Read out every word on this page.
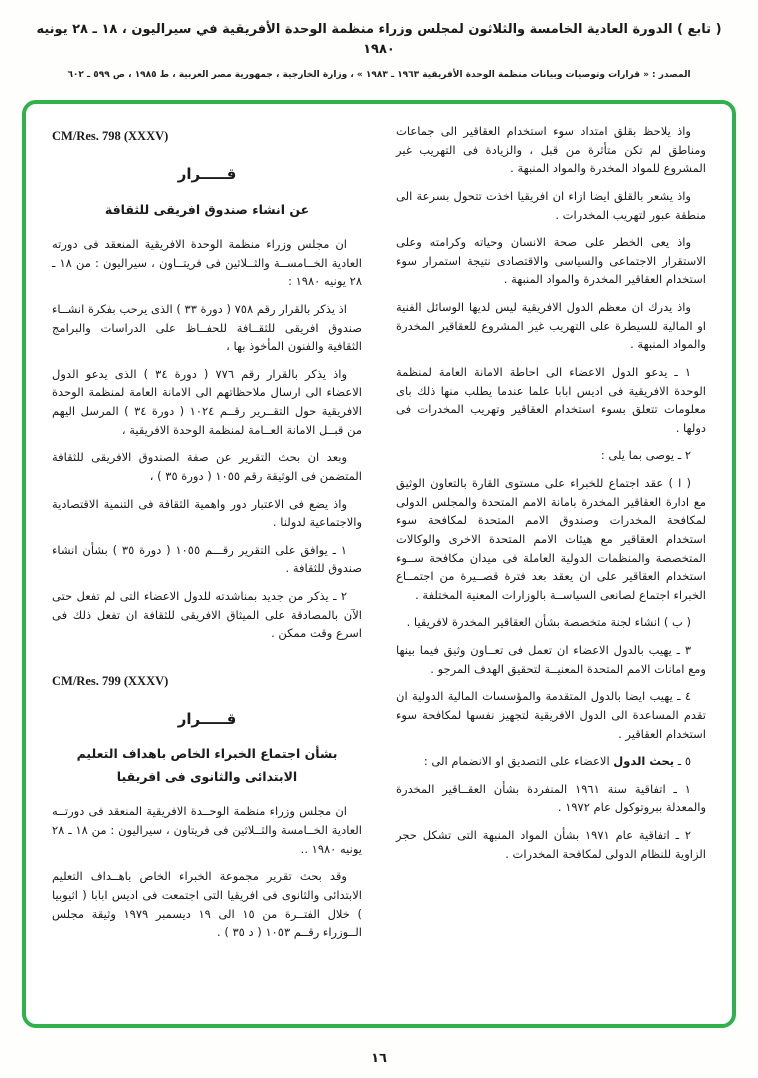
( تابع ) الدورة العادية الخامسة والثلاثون لمجلس وزراء منظمة الوحدة الأفريقية في سيراليون ، ١٨ ـ ٢٨ يونيه ١٩٨٠
المصدر : « قرارات وتوصيات وبيانات منظمة الوحدة الأفريقية ١٩٦٣ ـ ١٩٨٣ » ، وزارة الخارجية ، جمهورية مصر العربية ، ط ١٩٨٥ ، ص ٥٩٩ ـ ٦٠٢

واذ يلاحظ بقلق امتداد سوء استخدام العقاقير الى جماعات ومناطق لم تكن متأثرة من قبل ، والزيادة فى التهريب غير المشروع للمواد المخدرة والمواد المنبهة .

واذ يشعر بالقلق ايضا ازاء ان افريقيا اخذت تتحول بسرعة الى منطقة عبور لتهريب المخدرات .

واذ يعى الخطر على صحة الانسان وحياته وكرامته وعلى الاستقرار الاجتماعى والسياسى والاقتصادى نتيجة استمرار سوء استخدام العقاقير المخدرة والمواد المنبهة .

واذ يدرك ان معظم الدول الافريقية ليس لديها الوسائل الفنية او المالية للسيطرة على التهريب غير المشروع للعقاقير المخدرة والمواد المنبهة .

١ ـ يدعو الدول الاعضاء الى احاطة الامانة العامة لمنظمة الوحدة الافريقية فى اديس ابابا علما عندما يطلب منها ذلك باى معلومات تتعلق بسوء استخدام العقاقير وتهريب المخدرات فى دولها .

٢ ـ يوصى بما يلى :

( ا ) عقد اجتماع للخبراء على مستوى القارة بالتعاون الوثيق مع ادارة العقاقير المخدرة بامانة الامم المتحدة والمجلس الدولى لمكافحة المخدرات وصندوق الامم المتحدة لمكافحة سوء استخدام العقاقير مع هيئات الامم المتحدة الاخرى والوكالات المتخصصة والمنظمات الدولية العاملة فى ميدان مكافحة ســوء استخدام العقاقير على ان يعقد بعد فترة قصــيرة من اجتمــاع الخبراء اجتماع لصانعى السياســة بالوزارات المعنية المختلفة .

( ب ) انشاء لجنة متخصصة بشأن العقاقير المخدرة لافريقيا .

٣ ـ يهيب بالدول الاعضاء ان تعمل فى تعــاون وثيق فيما بينها ومع امانات الامم المتحدة المعنيــة لتحقيق الهدف المرجو .

٤ ـ يهيب ايضا بالدول المتقدمة والمؤسسات المالية الدولية ان تقدم المساعدة الى الدول الافريقية لتجهيز نفسها لمكافحة سوء استخدام العقاقير .

٥ ـ يحث الدول الاعضاء على التصديق او الانضمام الى :

١ ـ اتفاقية سنة ١٩٦١ المنفردة بشأن العقــاقير المخدرة والمعدلة ببروتوكول عام ١٩٧٢ .

٢ ـ اتفاقية عام ١٩٧١ بشأن المواد المنبهة التى تشكل حجر الزاوية للنظام الدولى لمكافحة المخدرات .

CM/Res. 798 (XXXV)
قـــــرار
عن انشاء صندوق افريقى للثقافة

ان مجلس وزراء منظمة الوحدة الافريقية المنعقد فى دورته العادية الخــامســة والثــلاثين فى فريتــاون ، سيراليون : من ١٨ ـ ٢٨ يونيه ١٩٨٠ :

اذ يذكر بالقرار رقم ٧٥٨ ( دورة ٣٣ ) الذى يرحب بفكرة انشــاء صندوق افريقى للثقــافة للحفــاظ على الدراسات والبرامج الثقافية والفنون المأخوذ بها ،

واذ يذكر بالقرار رقم ٧٧٦ ( دورة ٣٤ ) الذى يدعو الدول الاعضاء الى ارسال ملاحظاتهم الى الامانة العامة لمنظمة الوحدة الافريقية حول التقــرير رقــم ١٠٢٤ ( دورة ٣٤ ) المرسل اليهم من قبــل الامانة العــامة لمنظمة الوحدة الافريقية ،

وبعد ان بحث التقرير عن صفة الصندوق الافريقى للثقافة المتضمن فى الوثيقة رقم ١٠٥٥ ( دورة ٣٥ ) ،

واذ يضع فى الاعتبار دور واهمية الثقافة فى التنمية الاقتصادية والاجتماعية لدولنا .

١ ـ يوافق على التقرير رقـــم ١٠٥٥ ( دورة ٣٥ ) بشأن انشاء صندوق للثقافة .

٢ ـ يذكر من جديد بمناشدته للدول الاعضاء التى لم تفعل حتى الآن بالمصادقة على الميثاق الافريقى للثقافة ان تفعل ذلك فى اسرع وقت ممكن .

CM/Res. 799 (XXXV)
قـــــرار
بشأن اجتماع الخبراء الخاص باهداف التعليم
الابتدائى والثانوى فى افريقيا

ان مجلس وزراء منظمة الوحــدة الافريقية المنعقد فى دورتــه العادية الخــامسة والثــلاثين فى فريتاون ، سيراليون : من ١٨ ـ ٢٨ يونيه ١٩٨٠ ..

وقد بحث تقرير مجموعة الخبراء الخاص باهــداف التعليم الابتدائى والثانوى فى افريقيا التى اجتمعت فى اديس ابابا ( اثيوبيا ) خلال الفتــرة من ١٥ الى ١٩ ديسمبر ١٩٧٩ وثيقة مجلس الــوزراء رقــم ١٠٥٣ ( د ٣٥ ) .

١٦
